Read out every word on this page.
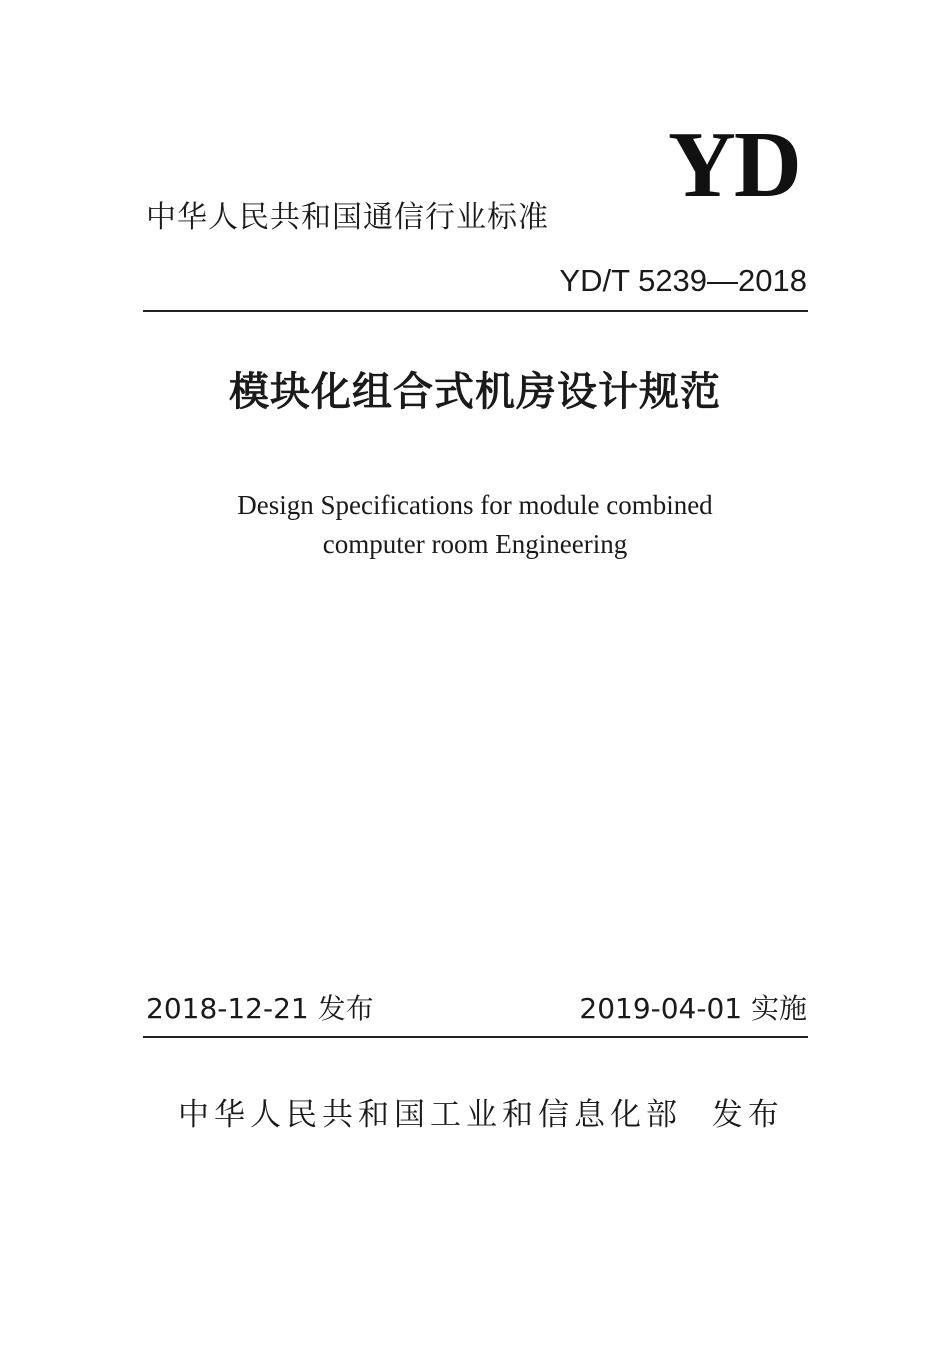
YD
中华人民共和国通信行业标准
YD/T 5239—2018
模块化组合式机房设计规范
Design Specifications for module combined
computer room Engineering
2018-12-21 发布	2019-04-01 实施
中华人民共和国工业和信息化部  发布
